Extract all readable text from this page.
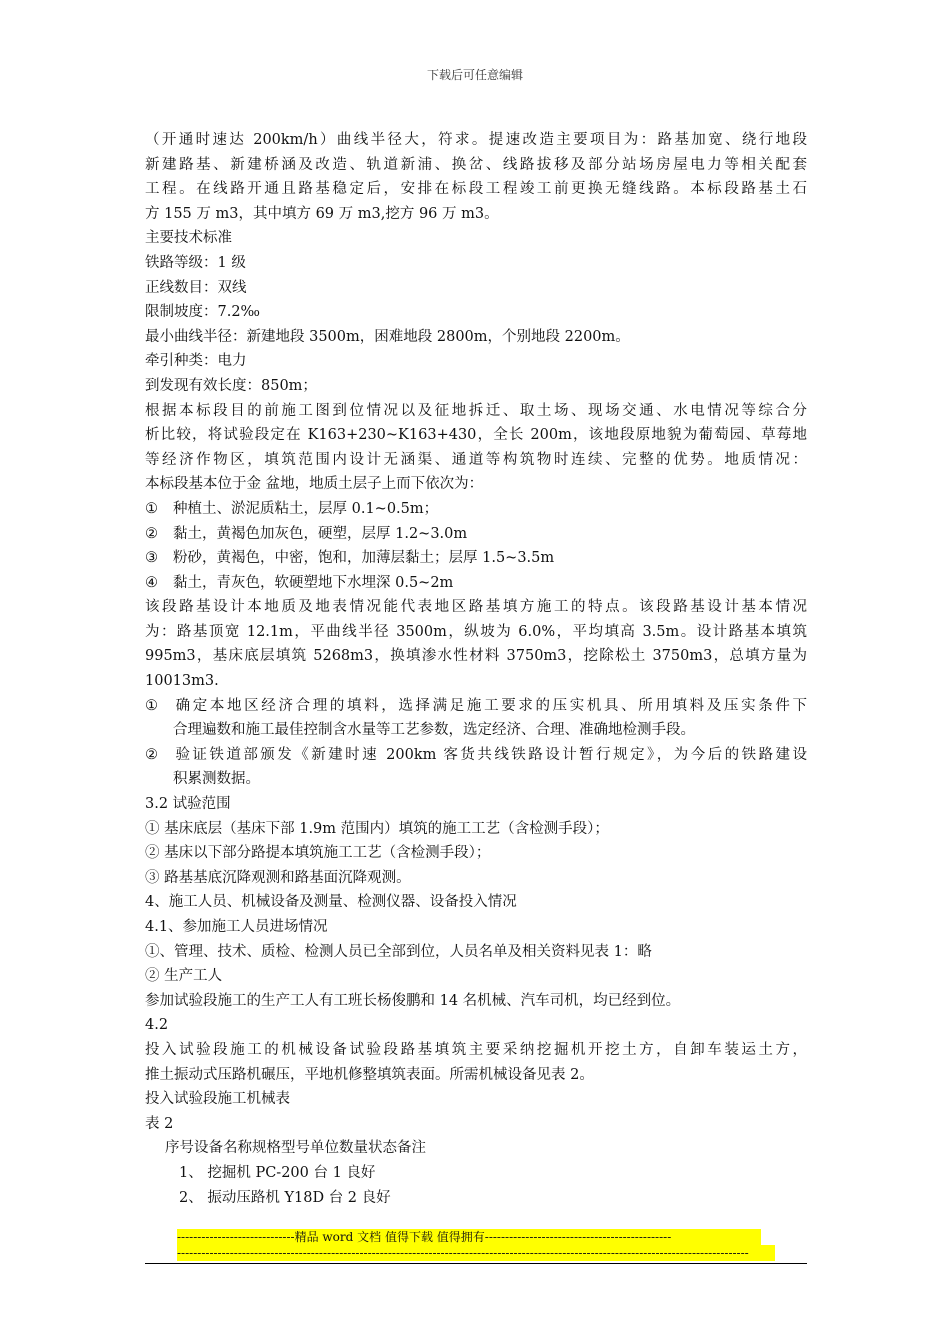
下载后可任意编辑
（开通时速达 200km/h）曲线半径大，符求。提速改造主要项目为：路基加宽、绕行地段
新建路基、新建桥涵及改造、轨道新浦、换岔、线路拔移及部分站场房屋电力等相关配套
工程。在线路开通且路基稳定后，安排在标段工程竣工前更换无缝线路。本标段路基土石
方 155 万 m3，其中填方 69 万 m3,挖方 96 万 m3。
主要技术标准
铁路等级：1 级
正线数目：双线
限制坡度：7.2‰
最小曲线半径：新建地段 3500m，困难地段 2800m，个别地段 2200m。
牵引种类：电力
到发现有效长度：850m；
根据本标段目的前施工图到位情况以及征地拆迁、取土场、现场交通、水电情况等综合分
析比较，将试验段定在 K163+230~K163+430，全长 200m，该地段原地貌为葡萄园、草莓地
等经济作物区，填筑范围内设计无涵渠、通道等构筑物时连续、完整的优势。地质情况：
本标段基本位于金 盆地，地质土层子上而下依次为：
① 种植土、淤泥质粘土，层厚 0.1~0.5m；
② 黏土，黄褐色加灰色，硬塑，层厚 1.2~3.0m
③ 粉砂，黄褐色，中密，饱和，加薄层黏土；层厚 1.5~3.5m
④ 黏土，青灰色，软硬塑地下水埋深 0.5~2m
该段路基设计本地质及地表情况能代表地区路基填方施工的特点。该段路基设计基本情况
为：路基顶宽 12.1m，平曲线半径 3500m，纵坡为 6.0%，平均填高 3.5m。设计路基本填筑
995m3，基床底层填筑 5268m3，换填渗水性材料 3750m3，挖除松土 3750m3，总填方量为
10013m3.
① 确定本地区经济合理的填料，选择满足施工要求的压实机具、所用填料及压实条件下
合理遍数和施工最佳控制含水量等工艺参数，选定经济、合理、准确地检测手段。
② 验证铁道部颁发《新建时速 200km 客货共线铁路设计暂行规定》，为今后的铁路建设
积累测数据。
3.2 试验范围
① 基床底层（基床下部 1.9m 范围内）填筑的施工工艺（含检测手段）；
② 基床以下部分路提本填筑施工工艺（含检测手段）；
③ 路基基底沉降观测和路基面沉降观测。
4、施工人员、机械设备及测量、检测仪器、设备投入情况
4.1、参加施工人员进场情况
①、管理、技术、质检、检测人员已全部到位，人员名单及相关资料见表 1：略
② 生产工人
参加试验段施工的生产工人有工班长杨俊鹏和 14 名机械、汽车司机，均已经到位。
4.2
投入试验段施工的机械设备试验段路基填筑主要采纳挖掘机开挖土方，自卸车装运土方，
推土振动式压路机碾压，平地机修整填筑表面。所需机械设备见表 2。
投入试验段施工机械表
表 2
序号设备名称规格型号单位数量状态备注
1、 挖掘机 PC-200 台 1 良好
2、 振动压路机 Y18D 台 2 良好
-----------------------------精品 word 文档 值得下载 值得拥有----------------------------------------------
---------------------------------------------------------------------------------------------------------------------------------------------
